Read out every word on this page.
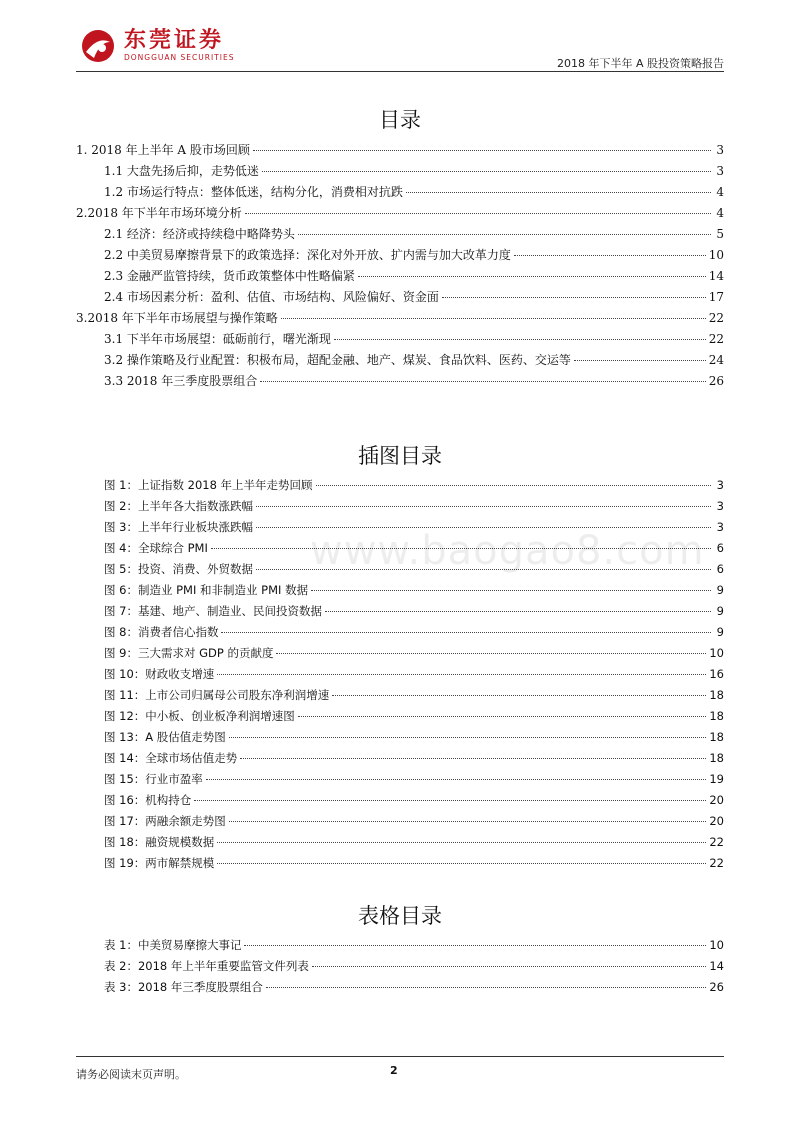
东莞证券
DONGGUAN SECURITIES	2018 年下半年 A 股投资策略报告
目录
1. 2018 年上半年 A 股市场回顾	3
1.1 大盘先扬后抑，走势低迷	3
1.2 市场运行特点：整体低迷，结构分化，消费相对抗跌	4
2.2018 年下半年市场环境分析	4
2.1 经济：经济或持续稳中略降势头	5
2.2 中美贸易摩擦背景下的政策选择：深化对外开放、扩内需与加大改革力度	10
2.3 金融严监管持续，货币政策整体中性略偏紧	14
2.4 市场因素分析：盈利、估值、市场结构、风险偏好、资金面	17
3.2018 年下半年市场展望与操作策略	22
3.1 下半年市场展望：砥砺前行，曙光渐现	22
3.2 操作策略及行业配置：积极布局，超配金融、地产、煤炭、食品饮料、医药、交运等	24
3.3 2018 年三季度股票组合	26
插图目录
图 1：上证指数 2018 年上半年走势回顾	3
图 2：上半年各大指数涨跌幅	3
图 3：上半年行业板块涨跌幅	3
图 4：全球综合 PMI	6
图 5：投资、消费、外贸数据	6
图 6：制造业 PMI 和非制造业 PMI 数据	9
图 7：基建、地产、制造业、民间投资数据	9
图 8：消费者信心指数	9
图 9：三大需求对 GDP 的贡献度	10
图 10：财政收支增速	16
图 11：上市公司归属母公司股东净利润增速	18
图 12：中小板、创业板净利润增速图	18
图 13：A 股估值走势图	18
图 14：全球市场估值走势	18
图 15：行业市盈率	19
图 16：机构持仓	20
图 17：两融余额走势图	20
图 18：融资规模数据	22
图 19：两市解禁规模	22
表格目录
表 1：中美贸易摩擦大事记	10
表 2：2018 年上半年重要监管文件列表	14
表 3：2018 年三季度股票组合	26
www.baogao8.com
请务必阅读末页声明。	2
